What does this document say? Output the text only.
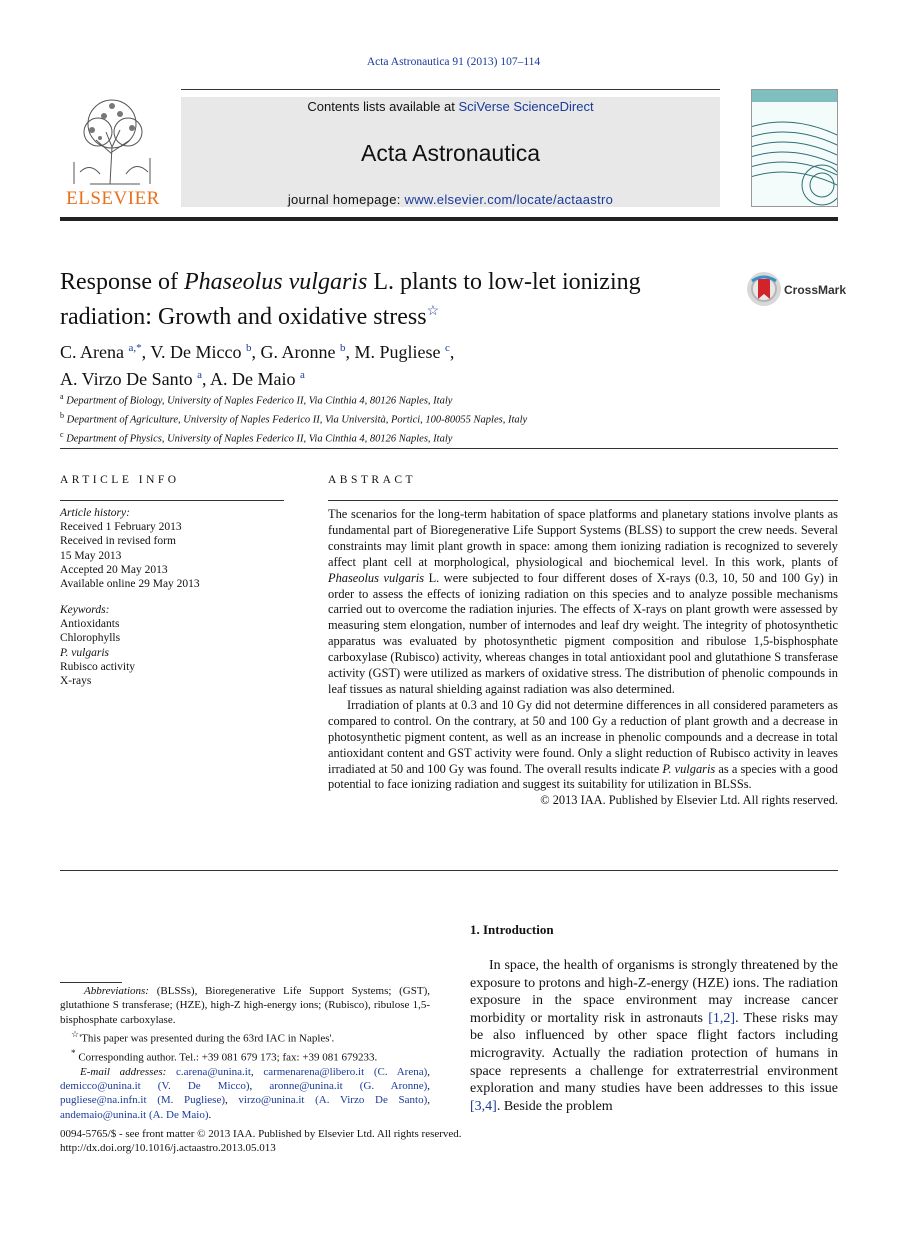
Acta Astronautica 91 (2013) 107–114
ELSEVIER
Contents lists available at SciVerse ScienceDirect
Acta Astronautica
journal homepage: www.elsevier.com/locate/actaastro
Response of Phaseolus vulgaris L. plants to low-let ionizing radiation: Growth and oxidative stress☆
CrossMark
C. Arena $^{a,*}$, V. De Micco $^b$, G. Aronne $^b$, M. Pugliese $^c$,
A. Virzo De Santo $^a$, A. De Maio $^a$
$^a$ Department of Biology, University of Naples Federico II, Via Cinthia 4, 80126 Naples, Italy
$^b$ Department of Agriculture, University of Naples Federico II, Via Università, Portici, 100-80055 Naples, Italy
$^c$ Department of Physics, University of Naples Federico II, Via Cinthia 4, 80126 Naples, Italy
ARTICLE INFO
Article history:
Received 1 February 2013
Received in revised form
15 May 2013
Accepted 20 May 2013
Available online 29 May 2013
Keywords:
Antioxidants
Chlorophylls
P. vulgaris
Rubisco activity
X-rays
ABSTRACT

The scenarios for the long-term habitation of space platforms and planetary stations involve plants as fundamental part of Bioregenerative Life Support Systems (BLSS) to support the crew needs. Several constraints may limit plant growth in space: among them ionizing radiation is recognized to severely affect plant cell at morphological, physiological and biochemical level. In this work, plants of Phaseolus vulgaris L. were subjected to four different doses of X-rays (0.3, 10, 50 and 100 Gy) in order to assess the effects of ionizing radiation on this species and to analyze possible mechanisms carried out to overcome the radiation injuries. The effects of X-rays on plant growth were assessed by measuring stem elongation, number of internodes and leaf dry weight. The integrity of photosynthetic apparatus was evaluated by photosynthetic pigment composition and ribulose 1,5-bisphosphate carboxylase (Rubisco) activity, whereas changes in total antioxidant pool and glutathione S transferase activity (GST) were utilized as markers of oxidative stress. The distribution of phenolic compounds in leaf tissues as natural shielding against radiation was also determined.

Irradiation of plants at 0.3 and 10 Gy did not determine differences in all considered parameters as compared to control. On the contrary, at 50 and 100 Gy a reduction of plant growth and a decrease in photosynthetic pigment content, as well as an increase in phenolic compounds and a decrease in total antioxidant content and GST activity were found. Only a slight reduction of Rubisco activity in leaves irradiated at 50 and 100 Gy was found. The overall results indicate P. vulgaris as a species with a good potential to face ionizing radiation and suggest its suitability for utilization in BLSSs.

© 2013 IAA. Published by Elsevier Ltd. All rights reserved.
1. Introduction
In space, the health of organisms is strongly threatened by the exposure to protons and high-Z-energy (HZE) ions. The radiation exposure in the space environment may increase cancer morbidity or mortality risk in astronauts [1,2]. These risks may be also influenced by other space flight factors including microgravity. Actually the radiation protection of humans in space represents a challenge for extraterrestrial environment exploration and many studies have been addresses to this issue [3,4]. Beside the problem

Abbreviations: (BLSSs), Bioregenerative Life Support Systems; (GST), glutathione S transferase; (HZE), high-Z high-energy ions; (Rubisco), ribulose 1,5-bisphosphate carboxylase.

☆'This paper was presented during the 63rd IAC in Naples'.

* Corresponding author. Tel.: +39 081 679 173; fax: +39 081 679233.

E-mail addresses: c.arena@unina.it, carmenarena@libero.it (C. Arena), demicco@unina.it (V. De Micco), aronne@unina.it (G. Aronne), pugliese@na.infn.it (M. Pugliese), virzo@unina.it (A. Virzo De Santo), andemaio@unina.it (A. De Maio).

0094-5765/$ - see front matter © 2013 IAA. Published by Elsevier Ltd. All rights reserved.
http://dx.doi.org/10.1016/j.actaastro.2013.05.013
